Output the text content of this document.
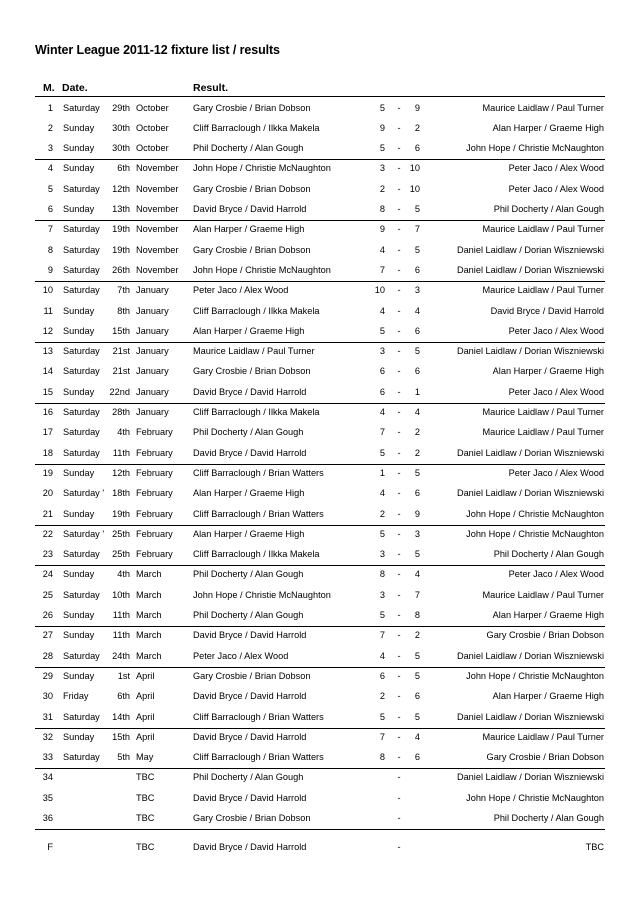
Winter League 2011-12 fixture list / results
M. Date.	Result.
1 Saturday	29th October	Gary Crosbie / Brian Dobson	5 -	9	Maurice Laidlaw / Paul Turner
2 Sunday	30th October	Cliff Barraclough / Ilkka Makela	9 -	2	Alan Harper / Graeme High
3 Sunday	30th October	Phil Docherty / Alan Gough	5 -	6	John Hope / Christie McNaughton
4 Sunday	6th November John Hope / Christie McNaughton	3 - 10	Peter Jaco / Alex Wood
5 Saturday	12th November Gary Crosbie / Brian Dobson	2 - 10	Peter Jaco / Alex Wood
6 Sunday	13th November David Bryce / David Harrold	8 -	5	Phil Docherty / Alan Gough
7 Saturday	19th November Alan Harper / Graeme High	9 -	7	Maurice Laidlaw / Paul Turner
8 Saturday	19th November Gary Crosbie / Brian Dobson	4 -	5	Daniel Laidlaw / Dorian Wiszniewski
9 Saturday	26th November John Hope / Christie McNaughton	7 -	6	Daniel Laidlaw / Dorian Wiszniewski
10 Saturday	7th January	Peter Jaco / Alex Wood	10 -	3	Maurice Laidlaw / Paul Turner
11 Sunday	8th January	Cliff Barraclough / Ilkka Makela	4 -	4	David Bryce / David Harrold
12 Sunday	15th January	Alan Harper / Graeme High	5 -	6	Peter Jaco / Alex Wood
13 Saturday	21st January	Maurice Laidlaw / Paul Turner	3 -	5	Daniel Laidlaw / Dorian Wiszniewski
14 Saturday	21st January	Gary Crosbie / Brian Dobson	6 -	6	Alan Harper / Graeme High
15 Sunday	22nd January	David Bryce / David Harrold	6 -	1	Peter Jaco / Alex Wood
16 Saturday	28th January	Cliff Barraclough / Ilkka Makela	4 -	4	Maurice Laidlaw / Paul Turner
17 Saturday	4th February Phil Docherty / Alan Gough	7 -	2	Maurice Laidlaw / Paul Turner
18 Saturday	11th February David Bryce / David Harrold	5 -	2	Daniel Laidlaw / Dorian Wiszniewski
19 Sunday	12th February Cliff Barraclough / Brian Watters	1 -	5	Peter Jaco / Alex Wood
20 Saturday ' 18th February Alan Harper / Graeme High	4 -	6	Daniel Laidlaw / Dorian Wiszniewski
21 Sunday	19th February Cliff Barraclough / Brian Watters	2 -	9	John Hope / Christie McNaughton
22 Saturday ' 25th February Alan Harper / Graeme High	5 -	3	John Hope / Christie McNaughton
23 Saturday	25th February Cliff Barraclough / Ilkka Makela	3 -	5	Phil Docherty / Alan Gough
24 Sunday	4th March	Phil Docherty / Alan Gough	8 -	4	Peter Jaco / Alex Wood
25 Saturday	10th March	John Hope / Christie McNaughton	3 -	7	Maurice Laidlaw / Paul Turner
26 Sunday	11th March	Phil Docherty / Alan Gough	5 -	8	Alan Harper / Graeme High
27 Sunday	11th March	David Bryce / David Harrold	7 -	2	Gary Crosbie / Brian Dobson
28 Saturday	24th March	Peter Jaco / Alex Wood	4 -	5	Daniel Laidlaw / Dorian Wiszniewski
29 Sunday	1st April	Gary Crosbie / Brian Dobson	6 -	5	John Hope / Christie McNaughton
30 Friday	6th April	David Bryce / David Harrold	2 -	6	Alan Harper / Graeme High
31 Saturday	14th April	Cliff Barraclough / Brian Watters	5 -	5	Daniel Laidlaw / Dorian Wiszniewski
32 Sunday	15th April	David Bryce / David Harrold	7 -	4	Maurice Laidlaw / Paul Turner
33 Saturday	5th May	Cliff Barraclough / Brian Watters	8 -	6	Gary Crosbie / Brian Dobson
34	TBC	Phil Docherty / Alan Gough	-	Daniel Laidlaw / Dorian Wiszniewski
35	TBC	David Bryce / David Harrold	-	John Hope / Christie McNaughton
36	TBC	Gary Crosbie / Brian Dobson	-	Phil Docherty / Alan Gough
F	TBC	David Bryce / David Harrold	-	TBC
